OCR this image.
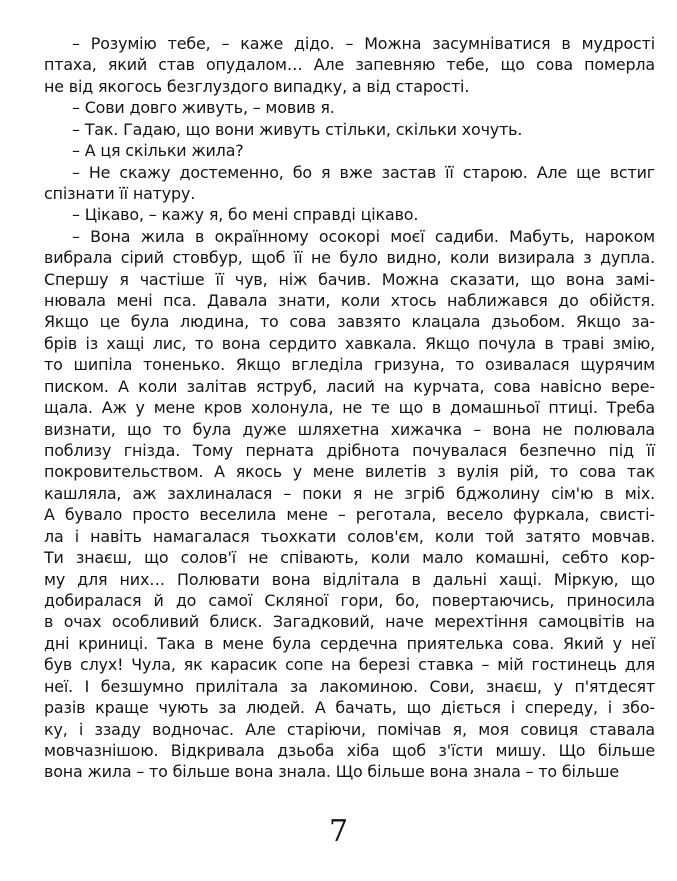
– Розумію тебе, – каже дідо. – Можна засумніватися в мудрості
птаха, який став опудалом… Але запевняю тебе, що сова померла
не від якогось безглуздого випадку, а від старості.
– Сови довго живуть, – мовив я.
– Так. Гадаю, що вони живуть стільки, скільки хочуть.
– А ця скільки жила?
– Не скажу достеменно, бо я вже застав її старою. Але ще встиг
спізнати її натуру.
– Цікаво, – кажу я, бо мені справді цікаво.
– Вона жила в окраїнному осокорі моєї садиби. Мабуть, нароком
вибрала сірий стовбур, щоб її не було видно, коли визирала з дупла.
Спершу я частіше її чув, ніж бачив. Можна сказати, що вона замі-
нювала мені пса. Давала знати, коли хтось наближався до обійстя.
Якщо це була людина, то сова завзято клацала дзьобом. Якщо за-
брів із хащі лис, то вона сердито хавкала. Якщо почула в траві змію,
то шипіла тоненько. Якщо вгледіла гризуна, то озивалася щурячим
писком. А коли залітав яструб, ласий на курчата, сова навісно вере-
щала. Аж у мене кров холонула, не те що в домашньої птиці. Треба
визнати, що то була дуже шляхетна хижачка – вона не полювала
поблизу гнізда. Тому перната дрібнота почувалася безпечно під її
покровительством. А якось у мене вилетів з вулія рій, то сова так
кашляла, аж захлиналася – поки я не згріб бджолину сім'ю в міх.
А бувало просто веселила мене – реготала, весело фуркала, свисті-
ла і навіть намагалася тьохкати солов'єм, коли той затято мовчав.
Ти знаєш, що солов'ї не співають, коли мало комашні, себто кор-
му для них… Полювати вона відлітала в дальні хащі. Міркую, що
добиралася й до самої Скляної гори, бо, повертаючись, приносила
в очах особливий блиск. Загадковий, наче мерехтіння самоцвітів на
дні криниці. Така в мене була сердечна приятелька сова. Який у неї
був слух! Чула, як карасик сопе на березі ставка – мій гостинець для
неї. І безшумно прилітала за лакоминою. Сови, знаєш, у п'ятдесят
разів краще чують за людей. А бачать, що діється і спереду, і збо-
ку, і ззаду водночас. Але старіючи, помічав я, моя совиця ставала
мовчазнішою. Відкривала дзьоба хіба щоб з'їсти мишу. Що більше
вона жила – то більше вона знала. Що більше вона знала – то більше
7
